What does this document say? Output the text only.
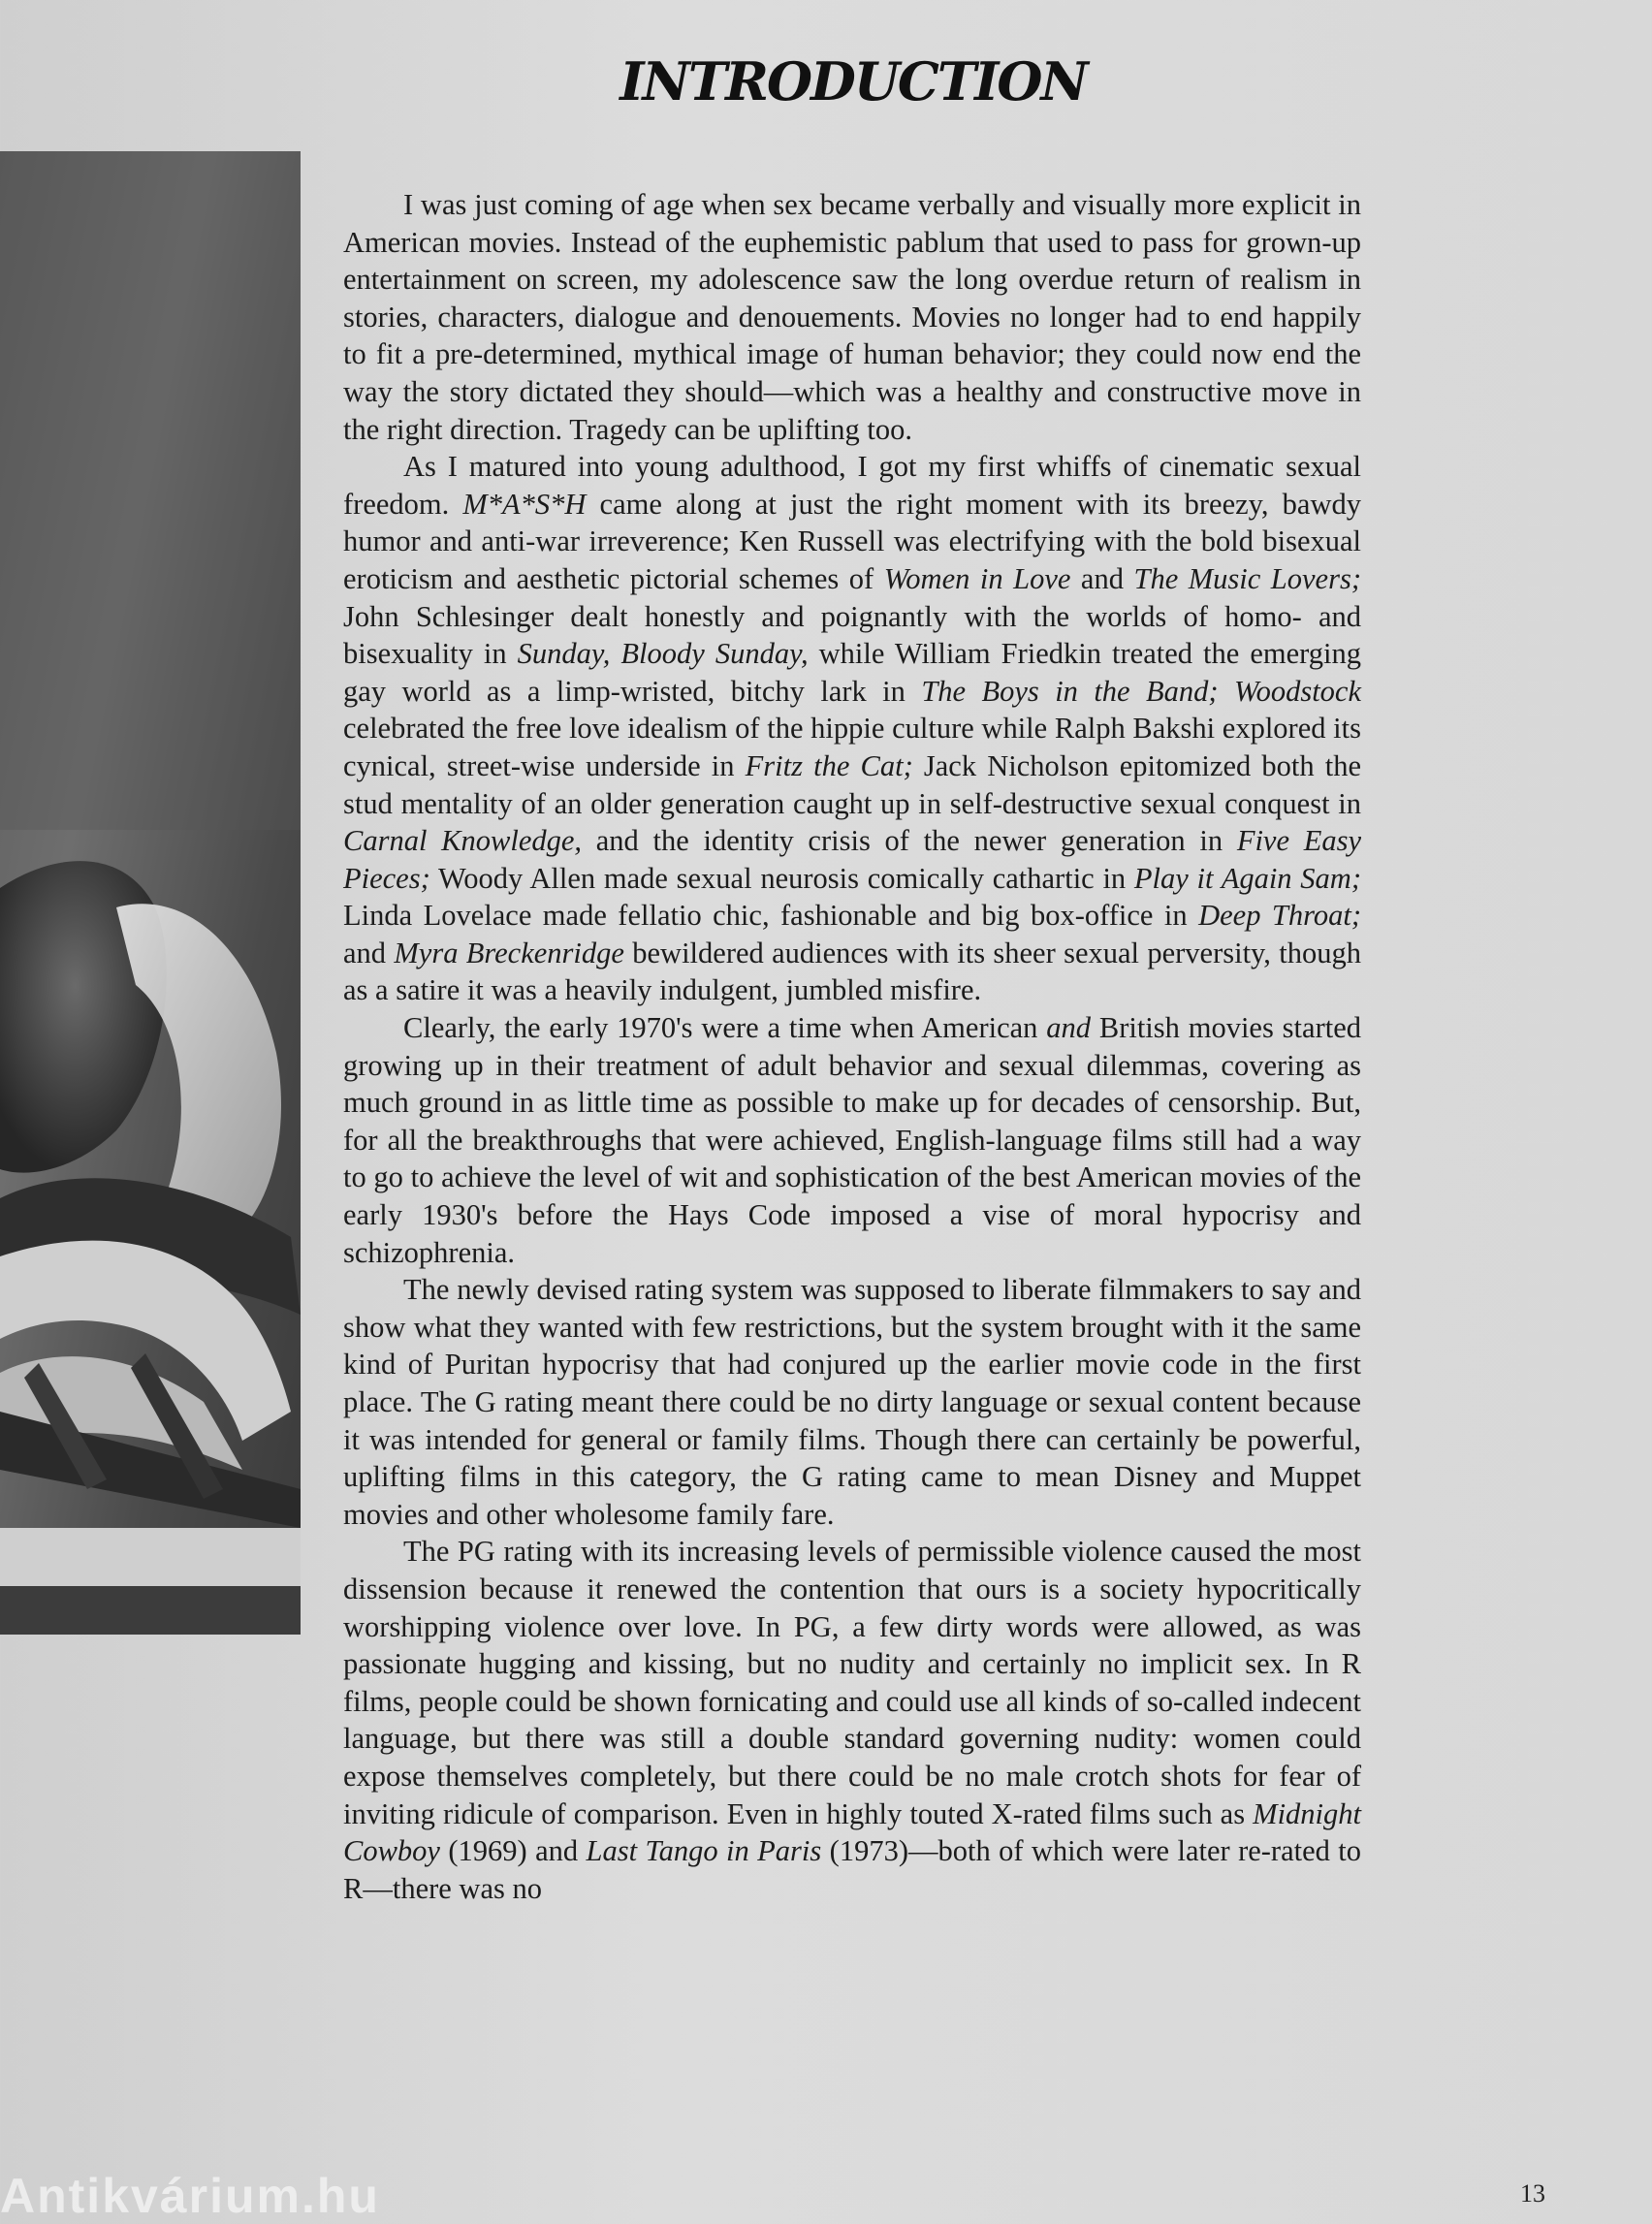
INTRODUCTION

I was just coming of age when sex became verbally and visually more explicit in American movies. Instead of the euphemistic pablum that used to pass for grown-up entertainment on screen, my adolescence saw the long overdue return of realism in stories, characters, dialogue and denouements. Movies no longer had to end happily to fit a pre-determined, mythical image of human behavior; they could now end the way the story dictated they should—which was a healthy and constructive move in the right direction. Tragedy can be uplifting too.

As I matured into young adulthood, I got my first whiffs of cinematic sexual freedom. M*A*S*H came along at just the right moment with its breezy, bawdy humor and anti-war irreverence; Ken Russell was electrifying with the bold bisexual eroticism and aesthetic pictorial schemes of Women in Love and The Music Lovers; John Schlesinger dealt honestly and poignantly with the worlds of homo- and bisexuality in Sunday, Bloody Sunday, while William Friedkin treated the emerging gay world as a limp-wristed, bitchy lark in The Boys in the Band; Woodstock celebrated the free love idealism of the hippie culture while Ralph Bakshi explored its cynical, street-wise underside in Fritz the Cat; Jack Nicholson epitomized both the stud mentality of an older generation caught up in self-destructive sexual conquest in Carnal Knowledge, and the identity crisis of the newer generation in Five Easy Pieces; Woody Allen made sexual neurosis comically cathartic in Play it Again Sam; Linda Lovelace made fellatio chic, fashionable and big box-office in Deep Throat; and Myra Breckenridge bewildered audiences with its sheer sexual perversity, though as a satire it was a heavily indulgent, jumbled misfire.

Clearly, the early 1970's were a time when American and British movies started growing up in their treatment of adult behavior and sexual dilemmas, covering as much ground in as little time as possible to make up for decades of censorship. But, for all the breakthroughs that were achieved, English-language films still had a way to go to achieve the level of wit and sophistication of the best American movies of the early 1930's before the Hays Code imposed a vise of moral hypocrisy and schizophrenia.

The newly devised rating system was supposed to liberate filmmakers to say and show what they wanted with few restrictions, but the system brought with it the same kind of Puritan hypocrisy that had conjured up the earlier movie code in the first place. The G rating meant there could be no dirty language or sexual content because it was intended for general or family films. Though there can certainly be powerful, uplifting films in this category, the G rating came to mean Disney and Muppet movies and other wholesome family fare.

The PG rating with its increasing levels of permissible violence caused the most dissension because it renewed the contention that ours is a society hypocritically worshipping violence over love. In PG, a few dirty words were allowed, as was passionate hugging and kissing, but no nudity and certainly no implicit sex. In R films, people could be shown fornicating and could use all kinds of so-called indecent language, but there was still a double standard governing nudity: women could expose themselves completely, but there could be no male crotch shots for fear of inviting ridicule of comparison. Even in highly touted X-rated films such as Midnight Cowboy (1969) and Last Tango in Paris (1973)—both of which were later re-rated to R—there was no

13
Antikvárium.hu
